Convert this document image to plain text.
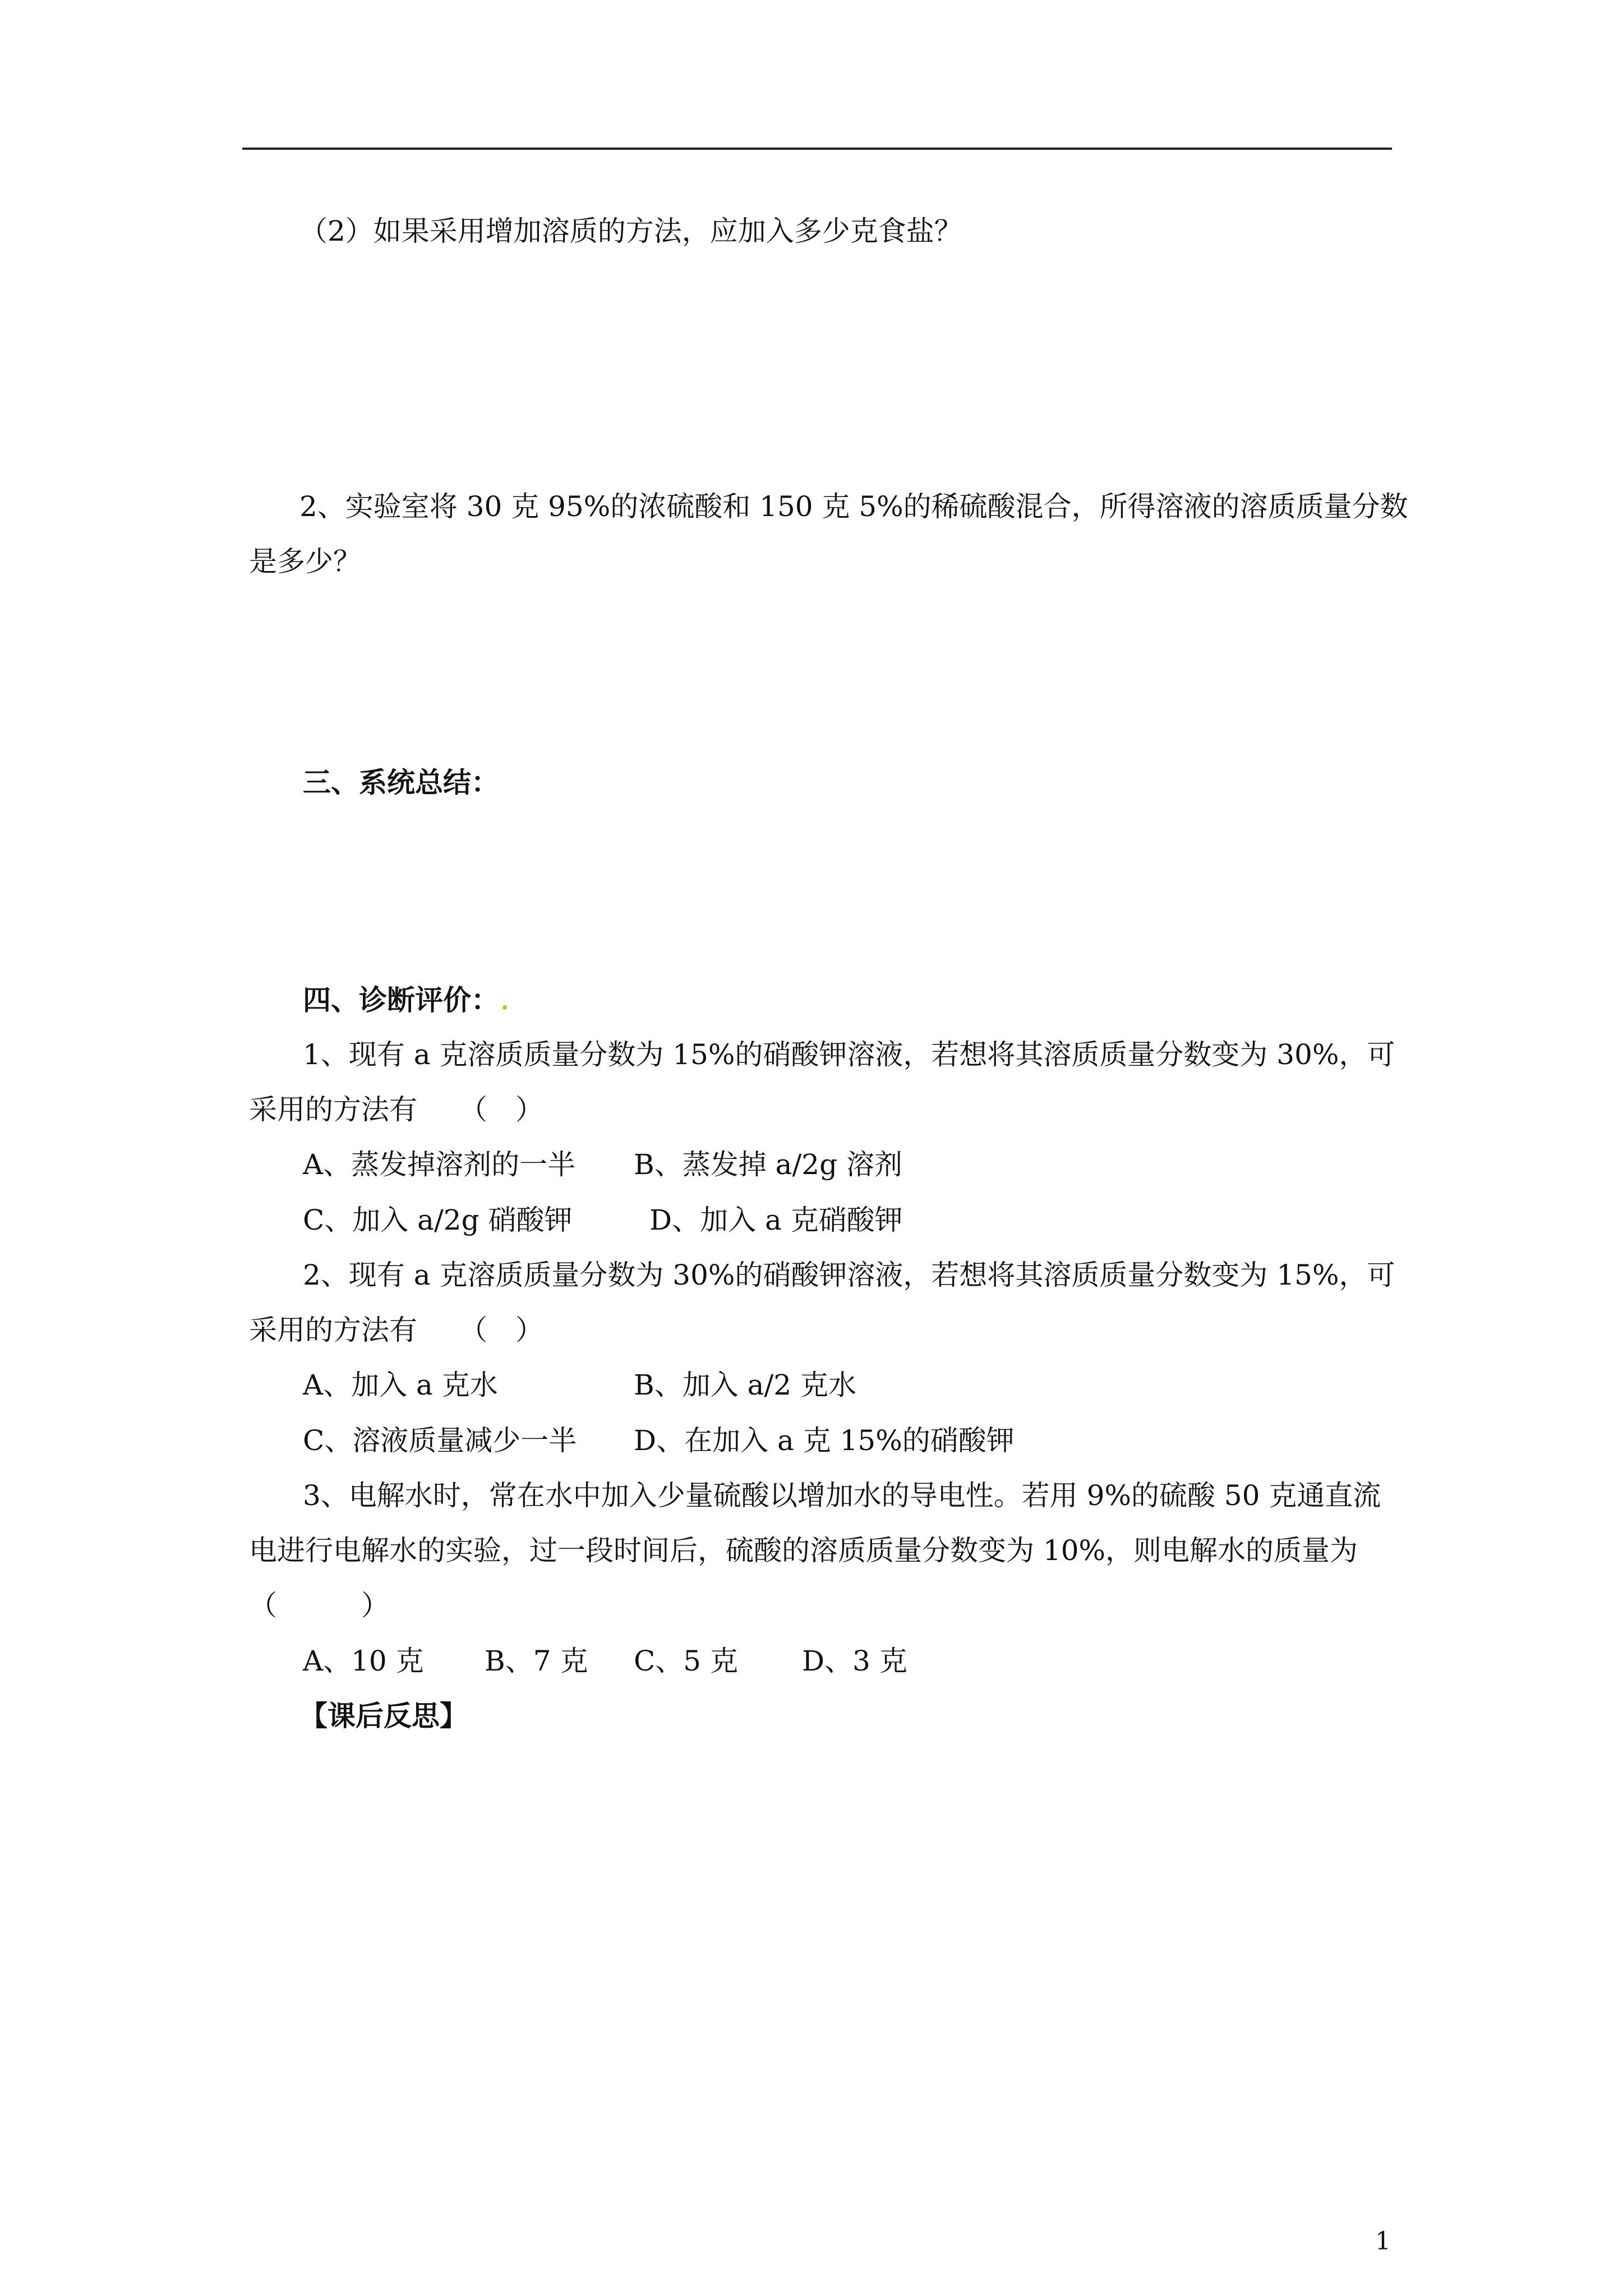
（2）如果采用增加溶质的方法，应加入多少克食盐？
2、实验室将 30 克 95%的浓硫酸和 150 克 5%的稀硫酸混合，所得溶液的溶质质量分数
是多少？
三、系统总结：
四、诊断评价：
1、现有 a 克溶质质量分数为 15%的硝酸钾溶液，若想将其溶质质量分数变为 30%，可
采用的方法有　　（　）
A、蒸发掉溶剂的一半 B、蒸发掉 a/2g 溶剂
C、加入 a/2g 硝酸钾	D、加入 a 克硝酸钾
2、现有 a 克溶质质量分数为 30%的硝酸钾溶液，若想将其溶质质量分数变为 15%，可
采用的方法有　　（　）
A、加入 a 克水	B、加入 a/2 克水
C、溶液质量减少一半 D、在加入 a 克 15%的硝酸钾
3、电解水时，常在水中加入少量硫酸以增加水的导电性。若用 9%的硫酸 50 克通直流
电进行电解水的实验，过一段时间后，硫酸的溶质质量分数变为 10%，则电解水的质量为
（　　　）
A、10 克 B、7 克 C、5 克 D、3 克
【课后反思】
1
